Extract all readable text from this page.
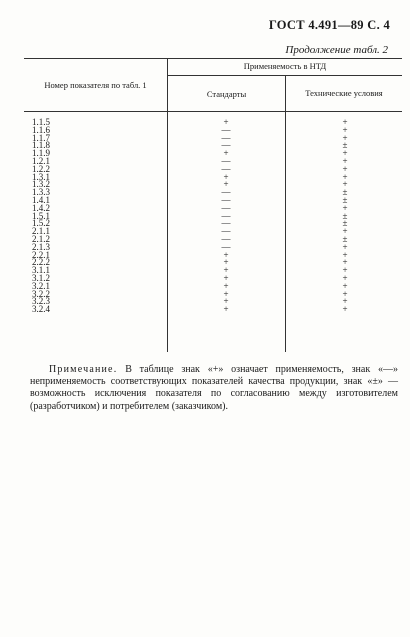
ГОСТ 4.491—89 С. 4
Продолжение табл. 2
Номер показателя по табл. 1
Применяемость в НТД
Стандарты	Технические условия
1.1.5	+	+
1.1.6	—	+
1.1.7	—	+
1.1.8	—	±
1.1.9	+	+
1.2.1	—	+
1.2.2	—	+
1.3.1	+	+
1.3.2	+	+
1.3.3	—	±
1.4.1	—	±
1.4.2	—	+
1.5.1	—	±
1.5.2	—	±
2.1.1	—	+
2.1.2	—	±
2.1.3	—	+
2.2.1	+	+
2.2.2	+	+
3.1.1	+	+
3.1.2	+	+
3.2.1	+	+
3.2.2	+	+
3.2.3	+	+
3.2.4	+	+
Примечание. В таблице знак «+» означает применяемость, знак «—» неприменяемость соответствующих показателей качества продукции, знак «±» — возможность исключения показателя по согласованию между изготовителем (разработчиком) и потребителем (заказчиком).
